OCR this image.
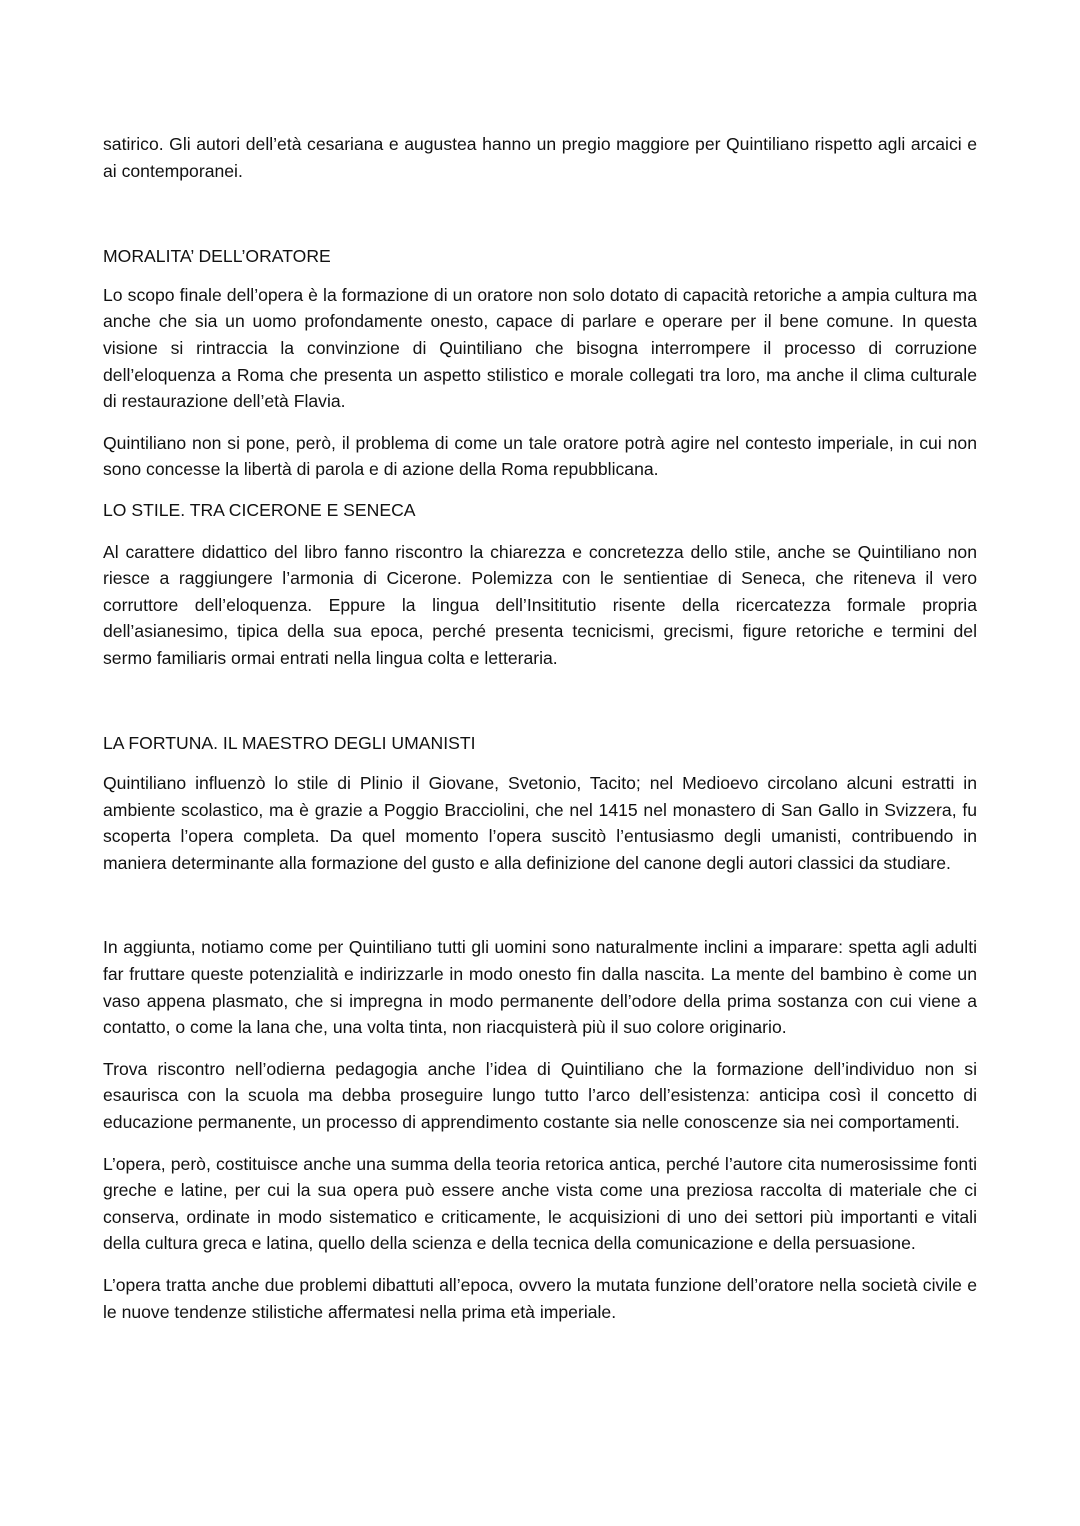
satirico. Gli autori dell’età cesariana e augustea hanno un pregio maggiore per Quintiliano rispetto agli arcaici e ai contemporanei.

MORALITA’ DELL’ORATORE

Lo scopo finale dell’opera è la formazione di un oratore non solo dotato di capacità retoriche a ampia cultura ma anche che sia un uomo profondamente onesto, capace di parlare e operare per il bene comune. In questa visione si rintraccia la convinzione di Quintiliano che bisogna interrompere il processo di corruzione dell’eloquenza a Roma che presenta un aspetto stilistico e morale collegati tra loro, ma anche il clima culturale di restaurazione dell’età Flavia.

Quintiliano non si pone, però, il problema di come un tale oratore potrà agire nel contesto imperiale, in cui non sono concesse la libertà di parola e di azione della Roma repubblicana.

LO STILE. TRA CICERONE E SENECA

Al carattere didattico del libro fanno riscontro la chiarezza e concretezza dello stile, anche se Quintiliano non riesce a raggiungere l’armonia di Cicerone. Polemizza con le sentientiae di Seneca, che riteneva il vero corruttore dell’eloquenza. Eppure la lingua dell’Insititutio risente della ricercatezza formale propria dell’asianesimo, tipica della sua epoca, perché presenta tecnicismi, grecismi, figure retoriche e termini del sermo familiaris ormai entrati nella lingua colta e letteraria.

LA FORTUNA. IL MAESTRO DEGLI UMANISTI

Quintiliano influenzò lo stile di Plinio il Giovane, Svetonio, Tacito; nel Medioevo circolano alcuni estratti in ambiente scolastico, ma è grazie a Poggio Bracciolini, che nel 1415 nel monastero di San Gallo in Svizzera, fu scoperta l’opera completa. Da quel momento l’opera suscitò l’entusiasmo degli umanisti, contribuendo in maniera determinante alla formazione del gusto e alla definizione del canone degli autori classici da studiare.

In aggiunta, notiamo come per Quintiliano tutti gli uomini sono naturalmente inclini a imparare: spetta agli adulti far fruttare queste potenzialità e indirizzarle in modo onesto fin dalla nascita. La mente del bambino è come un vaso appena plasmato, che si impregna in modo permanente dell’odore della prima sostanza con cui viene a contatto, o come la lana che, una volta tinta, non riacquisterà più il suo colore originario.

Trova riscontro nell’odierna pedagogia anche l’idea di Quintiliano che la formazione dell’individuo non si esaurisca con la scuola ma debba proseguire lungo tutto l’arco dell’esistenza: anticipa così il concetto di educazione permanente, un processo di apprendimento costante sia nelle conoscenze sia nei comportamenti.

L’opera, però, costituisce anche una summa della teoria retorica antica, perché l’autore cita numerosissime fonti greche e latine, per cui la sua opera può essere anche vista come una preziosa raccolta di materiale che ci conserva, ordinate in modo sistematico e criticamente, le acquisizioni di uno dei settori più importanti e vitali della cultura greca e latina, quello della scienza e della tecnica della comunicazione e della persuasione.

L’opera tratta anche due problemi dibattuti all’epoca, ovvero la mutata funzione dell’oratore nella società civile e le nuove tendenze stilistiche affermatesi nella prima età imperiale.
